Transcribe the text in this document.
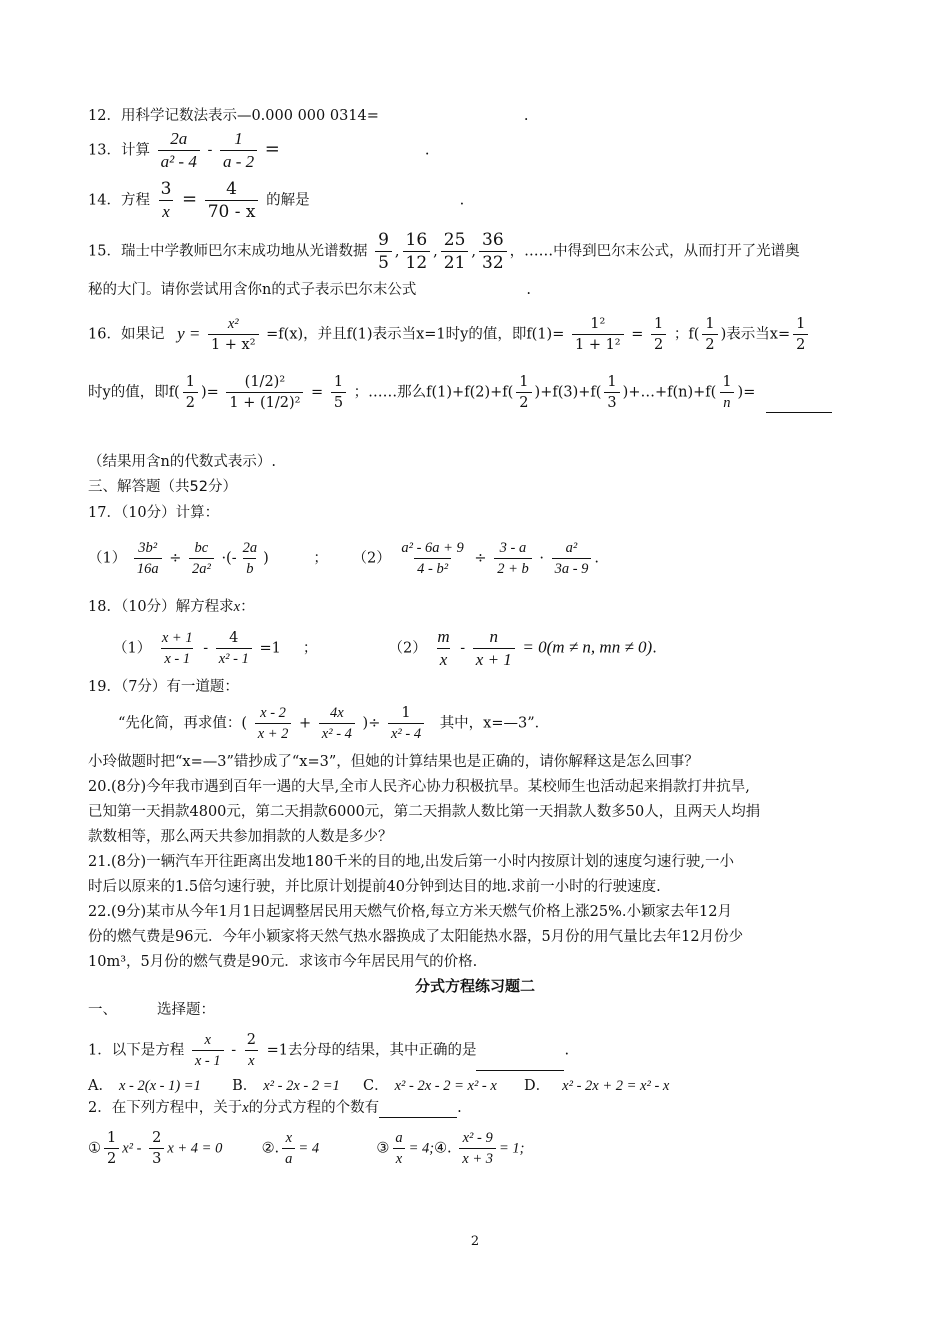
12．用科学记数法表示—0.000 000 0314=	.
13．计算 $\frac{2a}{\text{a² - 4}} - \frac{1}{a - 2}$ =	.
14．方程 $\frac{3}{x} = \frac{4}{70 - x}$ 的解是	.
15．瑞士中学教师巴尔末成功地从光谱数据 $\frac{9}{5}$ , $\frac{16}{12}$ , $\frac{25}{21}$ , $\frac{36}{32}$ ，……中得到巴尔末公式，从而打开了光谱奥
秘的大门。请你尝试用含你n的式子表示巴尔末公式	.
16．如果记 $y = \frac{\text{x²}}{\text{1 + x²}} =f(x)$，并且f(1)表示当x=1时y的值，即$f(1)= \frac{\text{1²}}{\text{1 + 1²}} = \frac{1}{2}$ ；$f( \frac{1}{2}$ )表示当$x= \frac{1}{2}$
时y的值，即$f( \frac{1}{2}$ )= $\frac{\text{(1/2)²}}{\text{1 + (1/2)²}} = \frac{1}{5}$ ；……那么$f(1)+f(2)+f( \frac{1}{2} )+f(3)+f( \frac{1}{3}$ )+…+f(n)+f( $\frac{1}{n}$ )=
（结果用含n的代数式表示）.
三、解答题（共52分）
17．（10分）计算：
$(1) \frac{\text{3b²}}{16a} \div \frac{bc}{\text{2a²}}$ ·(- $\frac{2a}{b}$ )	； $(2) \frac{\text{a² - 6a + 9}}{\text{4 - b²}} \div \frac{3 - a}{2 + b} \cdot \frac{\text{a²}}{3a - 9}$ .
18．（10分）解方程求x：
$(1) \frac{x + 1}{x - 1} - \frac{4}{\text{x² - 1}} =1$ ；	$(2) \frac{m}{x} - \frac{n}{x + 1} = 0(m \ne n$, mn ≠ 0).
19．（7分）有一道题：
“先化简，再求值：( $\frac{x - 2}{x + 2} + \frac{4x}{\text{x² - 4}}$ )÷ $\frac{1}{\text{x² - 4}}$ 其中，x=—3”．
小玲做题时把“x=—3”错抄成了“x=3”，但她的计算结果也是正确的，请你解释这是怎么回事？
20.(8分)今年我市遇到百年一遇的大旱,全市人民齐心协力积极抗旱。某校师生也活动起来捐款打井抗旱,
已知第一天捐款4800元，第二天捐款6000元，第二天捐款人数比第一天捐款人数多50人，且两天人均捐
款数相等，那么两天共参加捐款的人数是多少？
21.(8分)一辆汽车开往距离出发地180千米的目的地,出发后第一小时内按原计划的速度匀速行驶,一小
时后以原来的1.5倍匀速行驶，并比原计划提前40分钟到达目的地.求前一小时的行驶速度.
22.(9分)某市从今年1月1日起调整居民用天燃气价格,每立方米天燃气价格上涨25%.小颖家去年12月
份的燃气费是96元．今年小颖家将天然气热水器换成了太阳能热水器，5月份的用气量比去年12月份少
10m³，5月份的燃气费是90元．求该市今年居民用气的价格.
分式方程练习题二
一、	选择题：
1．以下是方程 $\frac{x}{x - 1} - \frac{2}{x} =1$去分母的结果，其中正确的是	.
A． x - 2(x - 1) =1 B． x² - 2x - 2 =1 C． x² - 2x - 2 = x² - x D． x² - 2x + 2 = x² - x
2．在下列方程中，关于x的分式方程的个数有	.
① $\frac{1}{2} x^2 - \frac{2}{3}$ x + 4 = 0	②. $\frac{x}{a} = 4$	③ $\frac{a}{x}$ = 4;④. $\frac{\text{x² - 9}}{x + 3} = 1$;
2
